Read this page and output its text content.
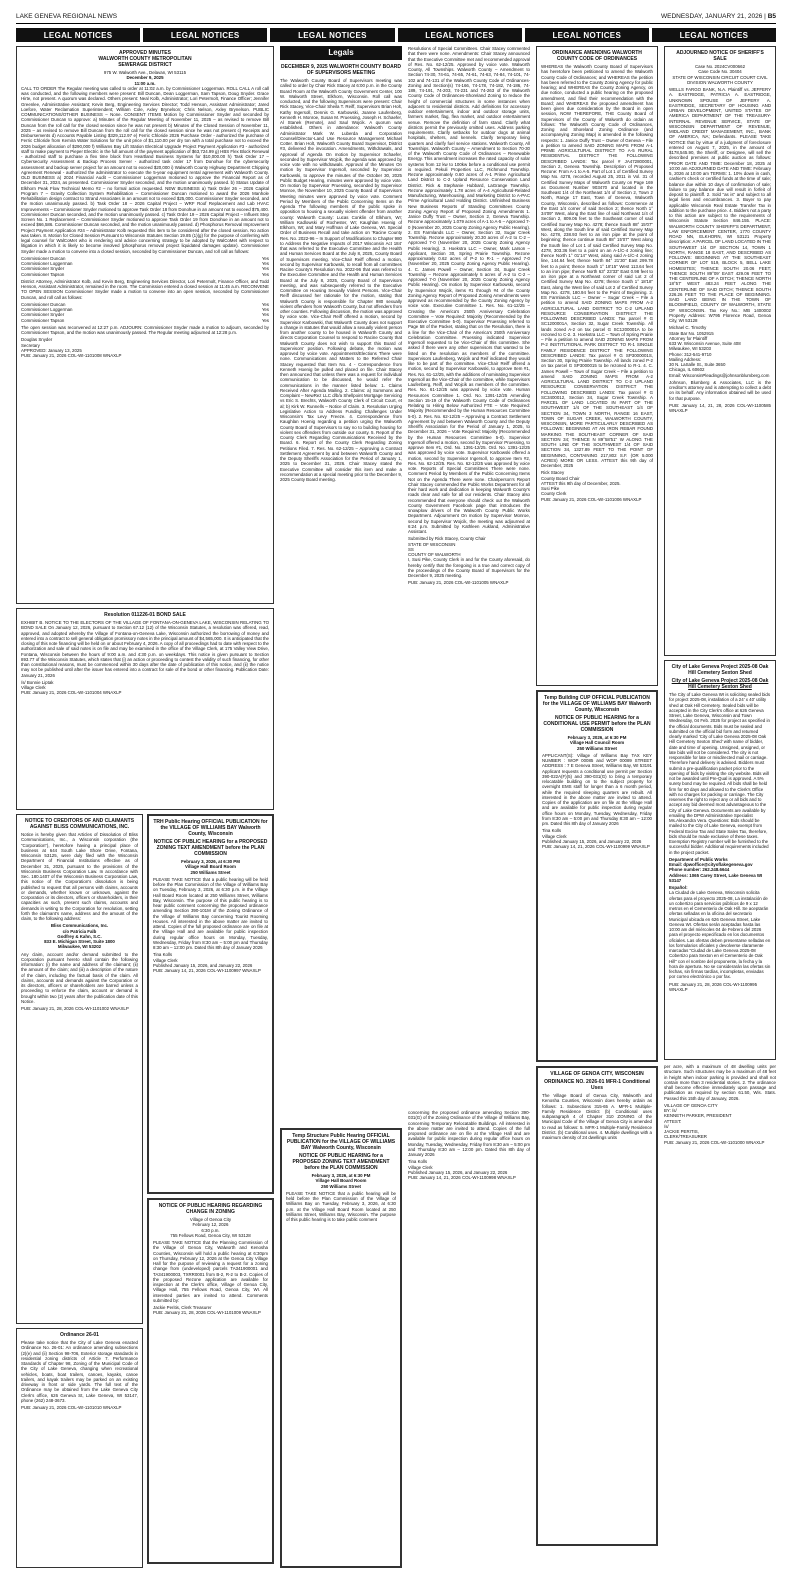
LAKE GENEVA REGIONAL NEWS	WEDNESDAY, JANUARY 21, 2026 | B5
LEGAL NOTICES	LEGAL NOTICES	LEGAL NOTICES	LEGAL NOTICES	LEGAL NOTICES	LEGAL NOTICES
APPROVED MINUTES
WALWORTH COUNTY METROPOLITAN
SEWERAGE DISTRICT
975 W. Walworth Ave., Delavan, WI 53115
December 9, 2025
11:00 a.m.
CALL TO ORDER The Regular meeting was called to order at 11:02 a.m. by Commissioner Loggerman. ROLL CALL A roll call was conducted, and the following members were present: Bill Duncan, Dean Loggerman, Sam Tapson, Doug Snyder. Grace Hirte, not present. A quorum was declared. Others present: Neal Kolb, Administrator; Lori Petermolt, Finance Officer; Jennifer Greenlee, Administrative Assistant; Kevin Berg, Engineering Services Director; Todd Henson, Assistant Administrator; Jared Loefore, Water Reclamation Superintendent; William Cole, Axley Brynelson; Chris Nelson, Axley Brynelson. PUBLIC COMMUNICATIONS/OTHER BUSINESS – None. CONSENT ITEMS Motion by Commissioner Snyder and seconded by Commissioner Duncan to approve: a) Minutes of the Regular Meeting of November 11, 2025 – as revised to remove Bill Duncan from the roll call for the closed session since he was not present b) Minutes of the Closed Session of November 11, 2025 – as revised to remove Bill Duncan from the roll call for the closed session since he was not present c) Receipts and Disbursements d) Accounts Payable Listing $329,112.97 e) Ferric Chloride 2026 Purchase Order - authorized the purchase of Ferric Chloride from Kemira Water Solutions for the unit price of $1,110.00 per dry ton with a total purchase not to exceed the 2026 budget allocation of $290,000 f) Williams Bay Lift Station Electrical Upgrade Project Payment Application #3 - authorized staff to make payment to Pieper Electric in the full amount of the payment application of $63,724.99 g) HBS Flex Block Renewal - authorized staff to purchase a flex time block from Heartland Business Systems for $10,000.00 h) Task Order 17 – Cybersecurity Assessment & Backup Process Server - authorized task order 17 from Donohue for the cybersecurity assessment and backup server project for an amount not to exceed $20,000 i) Walworth County Highway Department Chipping Agreement Renewal - authorized the administrator to execute the 5-year equipment rental agreement with Walworth County. OLD BUSINESS a) 2024 Financial Audit – Commissioner Loggerman motioned to approve the Financial Report as of December 31, 2024, as presented. Commissioner Snyder seconded, and the motion unanimously passed. b) Status Update of Elkhorn Peak Flow Technical Memo #2 – no formal action requested. NEW BUSINESS a) Task Order 26 – 2026 Capital Program 7 – Gravity Collection System Rehabilitation – Commissioner Duncan motioned to award the 2026 Manhole Rehabilitation design contract to Strand Associates in an amount not to exceed $25,000. Commissioner Snyder seconded, and the motion unanimously passed. b) Task Order 18 – 2026 Capital Project – WRF Roof Replacement and Lab HVAC Improvements – Commissioner Snyder motioned to approve Task Order 18 from Donohue in an amount not to exceed $75,400. Commissioner Duncan seconded, and the motion unanimously passed. c) Task Order 19 – 2026 Capital Project – Influent Step Screen No. 1 Replacement – Commissioner Snyder motioned to approve Task Order 19 from Donohue in an amount not to exceed $66,586. Commissioner Duncan seconded, and the motion unanimously passed. d) Phosphorus Removal Improvement Project Payment Application #24 – Administrator Kolb requested this item to be considered after the closed session. No action was taken. 8. Motion for Closed Session Pursuant to Wisconsin Statutes Section 19.85 (1)(g) for the purpose of conferring with legal counsel for WalCoMet who is rendering oral advice concerning strategy to be adopted by WalCoMet with respect to litigation in which it is likely to become involved (phosphorus removal project liquidated damages update). Commissioner Snyder made a motion to convene into a closed session, seconded by Commissioner Duncan, and roll call as follows:
Commissioner Duncan	Yes
Commissioner Loggerman	Yes
Commissioner Snyder	Yes
Commissioner Tapson	Yes
District Attorney, Administrator Kolb, and Kevin Berg, Engineering Services Director, Lori Petermolt, Finance Officer, and Todd Henson, Assistant Administrator, remained in the room. The Commission entered a closed session at 11:45 a.m. RECONVENE TO OPEN SESSION Commissioner Snyder made a motion to convene into an open session, seconded by Commissioner Duncan, and roll call as follows:
Commissioner Duncan	Yes
Commissioner Loggerman	Yes
Commissioner Snyder	Yes
Commissioner Tapson	Yes
The open session was reconvened at 12:27 p.m. ADJOURN: Commissioner Snyder made a motion to adjourn, seconded by Commissioner Tapson, and the motion was unanimously passed. The Regular meeting adjourned at 12:28 p.m.
Douglas Snyder
Secretary
APPROVED: January 13, 2025
PUB: January 21, 2026 COL-WI-1101008 WNAXLP
Resolution 011226-01 BOND SALE
EXHIBIT B. NOTICE TO THE ELECTORS OF THE VILLAGE OF FONTANA-ON-GENEVA LAKE, WISCONSIN RELATING TO BOND SALE On January 12, 2026, pursuant to Section 67.12 (12) of the Wisconsin Statutes, a resolution was offered, read, approved, and adopted whereby the Village of Fontana-on-Geneva Lake, Wisconsin authorized the borrowing of money and entered into a contract to sell general obligation promissory notes in the principal amount of $4,565,000. It is anticipated that the closing of this note financing will be held on or about February 4, 2026. A copy of all proceedings had to date with respect to the authorization and sale of said notes is on file and may be examined in the office of the Village Clerk, at 175 Valley View Drive, Fontana, Wisconsin between the hours of 9:00 a.m. and 4:30 p.m. on weekdays. This notice is given pursuant to Section 893.77 of the Wisconsin Statutes, which states that (i) an action or proceeding to contest the validity of such financing, for other than constitutional reasons, must be commenced within 30 days after the date of publication of this notice, and (ii) the notice may not be published until after the issuer has entered into a contract for sale of the bond or other financing. Publication Date: January 21, 2026
/s/ Bonnie Liptak
Village Clerk
PUB: January 21, 2026 COL-WI-1101004 WNAXLP
NOTICE TO CREDITORS OF AND CLAIMANTS AGAINST BLISS COMMUNICATIONS, INC.
Notice is hereby given that Articles of Dissolution of Bliss Communications, Inc., a Wisconsin corporation (the “Corporation”), heretofore having a principal place of business at 644 South Lake Shore Drive, Fontana, Wisconsin 53125, were duly filed with the Wisconsin Department of Financial Institutions effective as of December 31, 2025, pursuant to the provisions of the Wisconsin Business Corporation Law. In accordance with Sec. 180.1407 of the Wisconsin Business Corporation Law, this notice of the Corporation's dissolution is being published to request that all persons with claims, accounts or demands, whether known or unknown, against the Corporation or its directors, officers or shareholders, in their capacities as such, present such claims, accounts and demands in writing to the Corporation for resolution, setting forth the claimant's name, address and the amount of the claim, to the following address:
Bliss Communications, Inc.
c/o Patricia Falb
Godfrey & Kahn, S.C.
833 E. Michigan Street, Suite 1800
Milwaukee, WI 53202
Any claim, account and/or demand submitted to the Corporation pursuant hereto shall contain the following information: (i) the name and address of the claimant; (ii) the amount of the claim; and (iii) a description of the nature of the claim, including the factual basis of the claim. All claims, accounts and demands against the Corporation or its directors, officers or shareholders are barred unless a proceeding to enforce the claim, account or demand is brought within two (2) years after the publication date of this Notice.
PUB: January 21, 28, 2026 COL-WI-1101002 WNAXLP
Ordinance 26-01
Please take notice that the City of Lake Geneva enacted Ordinance No. 26-01: An ordinance amending subsections (2)(e) and (ii) Section 98-706, Exterior storage standards in residential zoning districts of Article 7. Performance Standards of Chapter 98, Zoning of the Municipal Code of the City of Lake Geneva, changing when recreational vehicles, boats, boat trailers, canoes, kayaks, canoe trailers, and kayak trailers may be parked on an existing driveway in front or side yards. The full text of the Ordinance may be obtained from the Lake Geneva City Clerk's office, 626 Geneva St, Lake Geneva, WI 53147, phone (262) 248-3673.
PUB: January 21, 2026 COL-WI-1101010 WNAXLP
TRH Public Hearing OFFICIAL PUBLICATION for the VILLAGE OF WILLIAMS BAY Walworth County, Wisconsin
NOTICE OF PUBLIC HEARING for a PROPOSED ZONING TEXT AMENDMENT before the PLAN COMMISSION
February 3, 2026, at 6:30 PM
Village Hall Board Room
250 Williams Street
PLEASE TAKE NOTICE that a public hearing will be held before the Plan Commission of the Village of Williams Bay on Tuesday, February 3, 2026, at 6:30 p.m. in the Village Hall Board Room located at 250 Williams Street, Williams Bay, Wisconsin. The purpose of this public hearing is to hear public comment concerning the proposed ordinance amending Section 390-101M of the Zoning Ordinance of the Village of Williams Bay concerning Tourist Rooming Houses. All interested in the above matter are invited to attend. Copies of the full proposed ordinance are on file at the Village Hall and are available for public inspection during regular office hours on Monday, Tuesday, Wednesday, Friday from 8:30 am – 5:00 pm and Thursday 8:30 am – 12:00 pm. Dated this 8th day of January 2026
Tina Kolls
Village Clerk
Published January 15, 2026, and January 22, 2026
PUB: January 14, 21, 2026 COL-WI-1100997 WNAXLP
NOTICE OF PUBLIC HEARING REGARDING CHANGE IN ZONING
Village of Genoa City
February 12, 2026
6:30 p.m.
755 Fellows Road, Genoa City, WI 53128
PLEASE TAKE NOTICE that the Planning Commission of the Village of Genoa City, Walworth and Kenosha Counties, Wisconsin will hold a public hearing at 6:30pm on Thursday, February 12, 2026 at the Genoa City Village Hall for the purpose of reviewing a request for a zoning change from (undeveloped) parcels TA341900001 and TA341900003, TXRR0001 from B-2, R-2 to B-2. Copies of the proposed Rezone application are available for inspection at the Clerk's office, Village of Genoa City, Village Hall, 755 Fellows Road, Genoa City, WI. All interested parties are invited to attend. Comments submitted by:
Jackie Peritis, Clerk Treasurer
PUB: January 21, 28, 2026 COL-WI-1101009 WNAXLP
Legals
DECEMBER 9, 2025 WALWORTH COUNTY BOARD OF SUPERVISORS MEETING
The Walworth County Board of Supervisors meeting was called to order by Chair Rick Stacey at 6:00 p.m. in the County Board Room at the Walworth County Government Center, 100 W. Walworth Street, Elkhorn, Wisconsin. Roll call was conducted, and the following Supervisors were present: Chair Rick Stacey, Vice-Chair Sheila T. Reiff, Supervisors Brian Holt, Kathy Ingersoll, Dennis G. Karbowski, Joanne Laufenberg, Kenneth H. Monroe, Susan M. Pruessing, Joseph H. Schaefer, Al Stanek (Remote), and Saul Wojcik. A quorum was established. Others in attendance: Walworth County Administrator Mark W. Luberda and Corporation Counsel/Director-Land Use Resource Management Michael Cotter. Brian Holt, Walworth County Board Supervisor, District #3, delivered the invocation. Amendments, Withdrawals, and Approval of Agenda On motion by Supervisor Schaefer, seconded by Supervisor Wojcik, the agenda was approved by voice vote with no withdrawals. Approval of the Minutes On motion by Supervisor Ingersoll, seconded by Supervisor Karbowski, to approve the minutes of the October 30, 2025 Public Budget Hearing, minutes were approved by voice vote. On motion by Supervisor Pruessing, seconded by Supervisor Monroe, the November 10, 2025 County Board of Supervisors Meeting minutes were approved by voice vote. Comment Period by Members of the Public Concerning Items on the Agenda The following members of the public spoke in opposition to housing a sexually violent offender from another county: Walworth County: Lucas Conklin of Elkhorn, WI; William Kadlowski of Rochester, WI; Kaughlan Hoenig of Elkhorn, WI; and Mary Hoffman of Lake Geneva, WI. Special Order of Business Recall and take action on ‘Racine County Res. No. 2022-96 – In Support of Modifications to Chapter 980 to Address the Negative Impacts of 2017 Wisconsin Act 184’ that was referred to the Executive Committee and the Health and Human Services Board at the July 8, 2025, County Board of Supervisors meeting. Vice-Chair Reiff offered a motion, second by Supervisor Karbowski, to recall from all committees Racine County's Resolution No. 2022-96 that was referred to the Executive Committee and the Health and Human Services Board at the July 8, 2025, County Board of Supervisors meeting, and was subsequently referred to the Executive Committee on Housing Sexually Violent Persons. Vice-Chair Reiff discussed her rationale for the motion, stating that Walworth County is responsible for Chapter 980 sexually violent offenders from Walworth County, but not offenders from other counties. Following discussion, the motion was approved by voice vote. Vice-Chair Reiff offered a motion, second by Supervisor Karbowski, that Walworth County does not support a change in statutes that would allow a sexually violent person from another county to be housed in Walworth County and directs Corporation Counsel to respond to Racine County that Walworth County does not wish to support this Board of Supervisors' position. Following debate, the motion was approved by voice vote. Appointments/Elections There were none. Communications and Matters to Be Referred Chair Stacey requested that Item No. 4 - Correspondence from Kenneth Hoenig be pulled and placed on file. Chair Stacey then announced that unless there was a request for individual communication to be discussed, he would refer the communications in the manner listed below: 1. Claims Received After Agenda Mailing. 2. Claims: a) Summons and Complaint – NewRez LLC d/b/a Shellpoint Mortgage Servicing vs Eric S. Brechts, Walworth County Clerk of Circuit Court, et al; b) Kirk W. Runnells – Notice of Claim. 3. Resolution Urging Legislative Action to Address Funding Challenges Under Wisconsin's Tax Levy Freeze. 4. Correspondence from Kaughlan Hoenig regarding a petition urging the Walworth County Board of Supervisors to say no to building housing for violent sex offenders from outside our county. 5. Report of the County Clerk Regarding Communications Received by the Board. 6. Report of the County Clerk Regarding Zoning Petitions Filed. 7. Res. No. 62-12/25 – Approving a Contract Settlement Agreement by and between Walworth County and the Deputy Sheriffs Association for the Period of January 1, 2025 to December 31, 2026. Chair Stacey stated the Executive Committee will consider this item and make a recommendation at a special meeting prior to the December 9, 2025 County Board meeting.
Temp Structure Public Hearing OFFICIAL PUBLICATION for the VILLAGE OF WILLIAMS BAY Walworth County, Wisconsin
NOTICE OF PUBLIC HEARING for a PROPOSED ZONING TEXT AMENDMENT before the PLAN COMMISSION
February 3, 2026, at 6:30 PM
Village Hall Board Room
250 Williams Street
PLEASE TAKE NOTICE that a public hearing will be held before the Plan Commission of the Village of Williams Bay on Tuesday, February 3, 2026, at 6:30 p.m. at the Village Hall Board Room located at 250 Williams Street, Williams Bay, Wisconsin. The purpose of this public hearing is to take public comment
Resolutions of Special Committees. Chair Stacey commented that there were none. Amendments: Chair Stacey announced that the Executive Committee met and recommended approval of Res. No. 62-12/25. Approved by voice vote. Walworth County, All Townships. Walworth County – Amendment to Section 74-30, 74-61, 74-65, 74-61, 74-63, 74-84, 74-101, 74-102 and 74-131 of the Walworth County Code of Ordinances-Zoning and Section(s) 74-166, 74-178, 74-182, 74-186, 74-189, 74-191, 74-203, 74-231 and 74-263 of the Walworth County Code of Ordinances-Shoreland Zoning to reduce the height of commercial structures in some instances when adjacent to residential districts. Add definitions for accessory outdoor entertainment, indoor and outdoor storage units, farmers market, flag, flea market, and outdoor entertainment venue. Remove the definition of farm stand. Clarify what districts permit the previously omitted uses. Address parking requirements. Clarify setbacks for outdoor dogs at animal hospitals, shelters, and kennels. Clarify temporary living quarters and clarify fuel service stations. Walworth County, All Townships. Walworth County – Amendment to Section 70-30 of the Walworth County Code of Ordinances – Renewable Energy. This amendment increases the rated capacity of solar systems from 12 kw to 100kw before a conditional use permit is required. Pekuli Properties LLC, Richmond Township. Rezone approximately 0.60 acres of A-1 Prime Agricultural Land District to C-2 Upland Resource Conservation Land District. Rick & Stephanie Hubbard, LaGrange Township. Rezone approximately 1.78 acres of A-4 Agricultural-Related Manufacturing, Warehousing, and Marketing District to A-PAC Prime Agricultural Land Holding District. Unfinished Business New Business Reports of Standing Committees County Zoning Agency Report of Proposed Zoning Amendments 1. Janice Duffy Trust – Owner, Section 2, Geneva Township. Rezone approximately 1.079 acres of A-1 to A-5 – Approved 7-0 (November 20, 2025 County Zoning Agency Public Hearing). 2. ES Farmlands LLC – Owner, Section 32, Sugar Creek Township. Rezone approximately 20.30 acres of A-2 to C-2 – Approved 7-0 (November 20, 2025 County Zoning Agency Public Hearing). 3. Hoekstra LLC – Owner, Mark Larson – Applicant, Section 30, Spring Prairie Township. Rezone approximately 0.62 acres of P-2 to R-1 – Approved 7-0 (November 20, 2025 County Zoning Agency Public Hearing). 4. C. James Powell – Owner, Section 34, Sugar Creek Township – Rezone approximately 5 acres of A-2 to C-2 – Approved 7-0 (November 20, 2025 County Zoning Agency Public Hearing). On motion by Supervisor Karbowski, second by Supervisor Wojcik, items #1 through #4 of the County Zoning Agency Report of Proposed Zoning Amendments were approved as recommended by the County Zoning Agency by voice vote. Executive Committee 1. Res. No. 61-12/25 – Creating the America's 250th Anniversary Celebration Committee – Vote Required: Majority (Recommended by the Executive Committee 5-0). Supervisor Pruessing referred to Page 58 of the Packet, stating that on the Resolution, there is a line for the Vice-Chair of the America's 250th Anniversary Celebration Committee. Pruessing indicated Supervisor Ingersoll requested to be Vice-Chair of this committee. She asked if there were any other supervisors that wanted to be listed on the resolution as members of the committee. Supervisors Laufenberg, Wojcik and Reif indicated they would like to be part of the committee. Vice-Chair Reiff offered a motion, second by Supervisor Karbowski, to approve Item #1, Res. No. 61-12/25, with the additions of nominating Supervisor Ingersoll as the Vice-Chair of the committee, while Supervisors Laufenberg, Reiff, and Wojcik as members of the committee. Res. No. 61-12/25 was approved by voice vote. Human Resources Committee 1. Ord. No. 1391-12/25 Amending Section 15-19 of the Walworth County Code of Ordinances Relating to Hiring Below Authorized FTE – Vote Required: Majority (Recommended by the Human Resources Committee 5-0). 2. Res. No. 62-12/25 – Approving a Contract Settlement Agreement by and between Walworth County and the Deputy Sheriffs Association for the Period of January 1, 2025, to December 31, 2026 – Vote Required: Majority (Recommended by the Human Resources Committee 5-0). Supervisor Ingersoll offered a motion, second by Supervisor Pruessing, to approve Item #1, Ord. No. 1391-12/25. Ord. No. 1391-12/25 was approved by voice vote. Supervisor Karbowski offered a motion, second by Supervisor Ingersoll, to approve Item #2, Res. No. 62-12/25. Res. No. 62-12/25 was approved by voice vote. Reports of Special Committees There were none. Comment Period by Members of the Public Concerning Items Not on the Agenda There were none. Chairperson's Report Chair Stacey commended the Public Works Department for all their hard work and dedication in keeping Walworth County's roads clear and safe for all our residents. Chair Stacey also recommended that everyone should check out the Walworth County Government Facebook page that introduces the snowplow drivers of the Walworth County Public Works Department. Adjournment On motion by Supervisor Monroe, second by Supervisor Wojcik, the meeting was adjourned at 6:24 p.m. Submitted by Kathleen Aukland, Administrative Assistant.
Submitted by Rick Stacey, County Chair
STATE OF WISCONSIN
SS
COUNTY OF WALWORTH
I, Susi Pike, County Clerk in and for the County aforesaid, do hereby certify that the foregoing is a true and correct copy of the proceedings of the County Board of Supervisors for the December 9, 2025 meeting.
PUB: January 21, 2026 COL-WI-1101005 WNAXLP
concerning the proposed ordinance amending Section 390-031(G) of the Zoning Ordinance of the Village of Williams Bay, concerning Temporary Relocatable Buildings. All interested in the above matter are invited to attend. Copies of the full proposed ordinance are on file at the Village Hall and are available for public inspection during regular office hours on Monday, Tuesday, Wednesday, Friday from 8:30 am – 5:00 pm and Thursday 8:30 am – 12:00 pm. Dated this 8th day of January 2026
Tina Kolls
Village Clerk
Published January 15, 2026, and January 22, 2026
PUB: January 14, 21, 2026 COL-WI-1100998 WNAXLP
ORDINANCE AMENDING WALWORTH COUNTY CODE OF ORDINANCES
WHEREAS the Walworth County Board of Supervisors has heretofore been petitioned to amend the Walworth County Code of Ordinances; and WHEREAS the petition has been referred to the County Zoning Agency for public hearing; and WHEREAS the County Zoning Agency, on due notice, conducted a public hearing on the proposed amendment, and filed their recommendation with the Board; and WHEREAS the proposed amendment has been given due consideration by the Board in open session, NOW THEREFORE, THE County Board of Supervisors of the County of Walworth do ordain as follows: The Walworth County Code of Ordinances, Zoning and Shoreland Zoning Ordinance (and accompanying Zoning Map) is amended in the following respects: 1. Janice Duffy Trust – Owner of Geneva – File a petition to amend SAID ZONING MAPS FROM A-1 PRIME AGRICULTURAL DISTRICT TO A-5 RURAL RESIDENTIAL DISTRICT THE FOLLOWING DESCRIBED LANDS: Tax parcel # JA472800001, Section 2, Geneva Township. Description of Proposed Rezone: From A-1 to A-5. Part of Lot 1 of Certified Survey Map No. 4278, recorded August 25, 2011 in Vol. 31 of Certified Survey Maps of Walworth County on Page 169 as Document Number 903470 and located in the Southeast 1/4 of the Northeast 1/4 of Section 2, Town 2 North, Range 17 East, Town of Geneva, Walworth County, Wisconsin, described as follows: Commence at the East 1/4 corner of said Section 2; thence North 1° 34'09" West, along the East line of said Northeast 1/4 of Section 2, 809.06 feet to the Southeast corner of said Certified Survey Map No. 4278; thence South 88° 15'07" West, along the South line of said Certified Survey Map No. 4278, 238.93 feet to an iron pipe at the point of beginning; thence continue South 88° 15'07" West along the South line of Lot 1 of said Certified Survey Map No. 4278, 303.36 feet to a point on an A-1/C-4 zoning line; thence North 1° 01'14" West, along said A-1/C-4 zoning line, 144.64 feet; thence North 84° 21'30" East 299.78 feet to a point; thence South 1° 18'15" West 113.64 feet to an iron pipe; thence North 63° 23'33" East 0.98 feet to an iron pipe at a Northeast corner of said Lot 2 of Certified Survey Map No. 4278; thence South 1° 18'18" East, along the West line of said Lot 2 of Certified Survey Map No. 4278, 180.94 feet to the Point of Beginning. 2. ES Farmlands LLC – Owner – Sugar Creek – File a petition to amend SAID ZONING MAPS FROM A-2 AGRICULTURAL LAND DISTRICT TO C-2 UPLAND RESOURCE CONSERVATION DISTRICT THE FOLLOWING DESCRIBED LANDS: Tax parcel # G SC1200001A, Section 32, Sugar Creek Township. All lands zoned A-2 on tax parcel G SC1200001A to be rezoned to C-2. 3. Hoekstra LLC – Town of Spring Prairie – File a petition to amend SAID ZONING MAPS FROM P-2 INSTITUTIONAL PARK DISTRICT TO R-1 SINGLE FAMILY RESIDENCE DISTRICT THE FOLLOWING DESCRIBED LANDS: Tax parcel # G SP3000001S, Section 30, Spring Prairie Township. All lands zoned P-2 on tax parcel G SP3000015 to be rezoned to R-1. 4. C. James Powell – Town of Sugar Creek – File a petition to amend SAID ZONING MAPS FROM A-2 AGRICULTURAL LAND DISTRICT TO C-2 UPLAND RESOURCE CONSERVATION DISTRICT THE FOLLOWING DESCRIBED LANDS: Tax parcel # G SC3400012, Section 34, Sugar Creek Township. A PARCEL OF LAND LOCATED IN PART OF THE SOUTHWEST 1/4 OF THE SOUTHEAST 1/4 OF SECTION 34, TOWN 3 NORTH, RANGE 16 EAST, TOWN OF SUGAR CREEK, WALWORTH COUNTY, WISCONSIN, MORE PARTICULARLY DESCRIBED AS FOLLOWS: BEGINNING AT AN IRON REBAR FOUND MARKING THE SOUTHEAST CORNER OF SAID SECTION 34; THENCE N 89°58'51" W ALONG THE SOUTH LINE OF THE SOUTHWEST 1/4 OF SAID SECTION 34, 1327.89 FEET TO THE POINT OF BEGINNING, CONTAINING 217,802 S.F. (OR 5.000 ACRES) MORE OR LESS. ATTEST this 9th day of December, 2025
Rick Stacey
County Board Chair
ATTEST this 9th day of December, 2025.
Susi Pike
County Clerk
PUB: January 21, 2026 COL-WI-1101006 WNAXLP
Temp Building CUP OFFICIAL PUBLICATION for the VILLAGE OF WILLIAMS BAY Walworth County, Wisconsin
NOTICE OF PUBLIC HEARING for a CONDITIONAL USE PERMIT before the PLAN COMMISSION
February 3, 2026, at 6:30 PM
Village Hall Council Room
250 Williams Street
APPLICANT(S): Village of Williams Bay TAX KEY NUMBER : WOP 00085 and WOP 00089 STREET ADDRESS : 7 E Geneva Street, Williams Bay, WI 53191 Applicant requests a conditional use permit per Section 390-022A(F)(5) and 390-031(G) to bring a temporary relocatable building on to the subject property for overnight EMS staff for longer than a 6 month period, while the required sleeping quarters are rebuilt. All interested in the above matter are invited to attend. Copies of the application are on file at the Village Hall and are available for public inspection during regular office hours on Monday, Tuesday, Wednesday, Friday from 8:30 am – 5:00 pm and Thursday 8:30 am – 12:00 pm. Dated this 8th day of January 2026
Tina Kolls
Village Clerk
Published January 15, 2026, and January 22, 2026
PUB: January 14, 21, 2026 COL-WI-1100999 WNAXLP
VILLAGE OF GENOA CITY, WISCONSIN
ORDINANCE NO. 2026-01 MFR-1 Conditional Uses
The Village Board of Genoa City, Walworth and Kenosha Counties, Wisconsin does hereby ordain as follows: 1. Subsections 315-65 A. MFR-1 Multiple-Family Residence District (b) Conditional uses subparagraph 4 of Chapter 310 ZONING of the Municipal Code of the Village of Genoa City is amended to read as follows: 5. MFR-1 Multiple-Family Residence District. (b) Conditional uses. 4. Multiple dwellings with a maximum density of 24 dwellings units
ADJOURNED NOTICE OF SHERIFF'S SALE
Case No. 2024CV000662
Case Code No. 30404
STATE OF WISCONSIN CIRCUIT COURT CIVIL DIVISION WALWORTH COUNTY
WELLS FARGO BANK, N.A. Plaintiff vs. JEFFERY A. EASTRIDGE, PATRICIA A. EASTRIDGE, UNKNOWN SPOUSE OF JEFFERY A. EASTRIDGE, SECRETARY OF HOUSING AND URBAN DEVELOPMENT, UNITED STATES OF AMERICA DEPARTMENT OF THE TREASURY- INTERNAL REVENUE SERVICE, STATE OF WISCONSIN DEPARTMENT OF REVENUE, MIDLAND CREDIT MANAGEMENT, INC., BANK OF AMERICA, NA; Defendants. PLEASE TAKE NOTICE that by virtue of a judgment of foreclosure entered on August 7, 2025, in the amount of $178,545.90, the Sheriff, or Designee, will sell the described premises at public auction as follows: PRIOR DATE AND TIME: December 18, 2025 at 10:00 am ADJOURNED DATE AND TIME: February 5, 2026 at 10:00 am TERMS: 1. 10% down in cash, cashier's check or certified funds at the time of sale; balance due within 10 days of confirmation of sale; failure to pay balance due will result in forfeit of deposit to plaintiff. 2. Sold "as is" and subject to all legal liens and encumbrances. 3. Buyer to pay applicable Wisconsin Real Estate Transfer Tax in addition to the purchase price. 4. Bidders not a party to this action are subject to the requirements of Wisconsin Statute Section 846.155. PLACE: WALWORTH COUNTY SHERIFF'S DEPARTMENT, LAW ENFORCEMENT CENTER, 1770 COUNTY ROAD NN, ELKHORN, WI 53121 Property description: A PARCEL OF LAND LOCATED IN THE SOUTHWEST 1/4 OF SECTION 14, TOWN 1 NORTH, RANGE 18 EAST, AND DESCRIBED AS FOLLOWS: BEGINNING AT THE SOUTHEAST CORNER OF LOT 519, BLOCK 5, BELL LAKE HOMESITES; THENCE SOUTH 20.06 FEET; THENCE SOUTH 89°09' EAST 429.06 FEET TO THE CENTERLINE OF A DITCH; THENCE NORTH 18°57' WEST 483.24 FEET ALONG THE CENTERLINE OF SAID DITCH; THENCE SOUTH 226.26 FEET TO THE PLACE OF BEGINNING. SAID LAND BEING IN THE TOWN OF BLOOMFIELD, COUNTY OF WALWORTH, STATE OF WISCONSIN. Tax Key No.: MB 1400002 Property Address: W795 Florence Road, Genoa City, WI 53128
Michael C. Timothy
State Bar No. 1052915
Attorney for Plaintiff
633 W. Wisconsin Avenue, Suite 408
Milwaukee, WI 53203
Phone: 312-541-9710
Mailing Address:
30 N. LaSalle St., Suite 3650
Chicago, IL 60602
Email: WisconsinPleadings@johnsonblumberg.com
Johnson, Blumberg & Associates, LLC is the creditor's attorney and is attempting to collect a debt on its behalf. Any information obtained will be used for that purpose.
PUB: January 14, 21, 28, 2026 COL-WI-1100585 WNAXLP
City of Lake Geneva Project 2025-08 Oak Hill Cemetery Sexton Shed
City of Lake Geneva Project 2025-08 Oak Hill Cemetery Sexton Shed
The City of Lake Geneva WI is soliciting sealed bids for project 2025-08, installation of a 24' x 40' utility shed at Oak Hill Cemetery. Sealed bids will be accepted in the City Clerk's office at 626 Geneva Street, Lake Geneva, Wisconsin and Town Wednesday, 04 Feb. 2026 for project as specified in the official documents. Bids must be sealed and submitted on the official bid form and returned clearly marked ‘City of Lake Geneva 2025-08 Oak Hill Cemetery Sexton Shed’ with name of bidder, date and time of opening. Unsigned, unsigned, or late bids will not be considered. The city is not responsible for late or misdirected mail or carriage. Therefore hand delivery is advised. Bidders must submit a pre-qualification packet prior to the opening of bids by visiting the city website. Bids will not be awarded until Pre-Qual is approved. A 5% surety bond may be required. All bids shall be held firm for 60 days and allowed to the Clerk's Office with no charges for packing or carriage. The City reserves the right to reject any or all bids and to accept any bid deemed most advantageous to the City of Lake Geneva. Documents are available by emailing the DPW Administrative Specialist Ms.Alexandra Vera. Questions: Bids should be mailed to the City of Lake Geneva, exempt from Federal Excise Tax and State Sales Tax, therefore, bids should be made exclusive of these taxes. Exemption Registry number will be furnished to the successful bidder. Additional requirements included in the project packet.
Department of Public Works
Email: dpwoffice@cityoflakegeneva.gov
Phone number: 262.248.6644
Address: 1065 Carey Street, Lake Geneva WI 53147
Español:
La Ciudad de Lake Geneva, Wisconsin solicita ofertas para el proyecto 2025-08, La instalación de un cobertizo para servicios públicos de 9 x 12 metros en el Cementerio de Oak Hill. Se aceptarán ofertas selladas en la oficina del secretario Municipal ubicada en 626 Geneva Street, Lake Geneva WI. Ofertas serán aceptadas hasta las 10:00 am del miércoles 04 de Febrero del 2026 para el proyecto especificado en los documentos oficiales. Las ofertas deben presentarse selladas en los formularios oficiales y devolverse claramente marcadas "Ciudad de Lake Geneva 2025-08 Cobertizo para Sexton en el Cementerio de Oak Hill" con el nombre del proponente, la fecha y la hora de apertura. No se considerarán las ofertas sin fechas, sin firmas tardías, incompletas, enviadas por correo electrónico o por fax.
PUB: January 21, 28, 2026 COL-WI-1100995 WNAXLP
per acre, with a maximum of 48 dwelling units per structure. Such structures may be a maximum of 48 feet in height when indoor parking is provided and shall not contain more than 3 residential stories. 2. The ordinance shall become effective immediately upon passage and publication as required by section 61.50, Wis. Stats. Passed this 15th day of January, 2026.
VILLAGE OF GENOA CITY
BY: /s/
KENNETH PARKER, PRESIDENT
ATTEST:
/s/
JACKIE PERITIS,
CLERK/TREASURER
PUB: January 21, 2026 COL-WI-1101000 WNAXLP
